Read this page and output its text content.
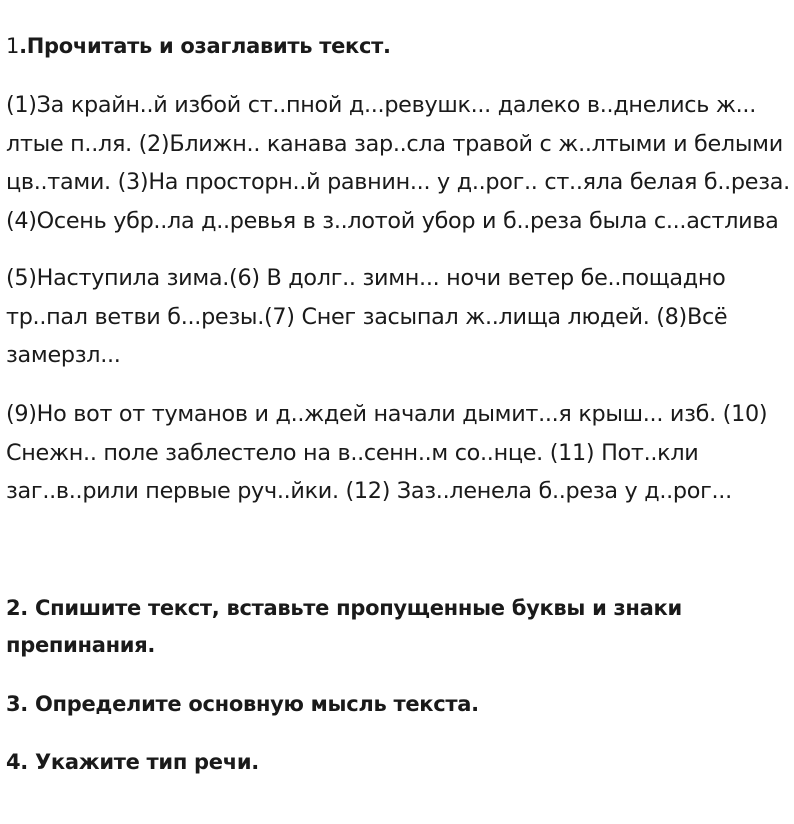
1.Прочитать и озаглавить текст.
(1)За крайн..й избой ст..пной д...ревушк... далеко в..днелись ж...
лтые п..ля. (2)Ближн.. канава зар..сла травой с ж..лтыми и белыми
цв..тами. (3)На просторн..й равнин... у д..рог.. ст..яла белая б..реза.
(4)Осень убр..ла д..ревья в з..лотой убор и б..реза была с...астлива
(5)Наступила зима.(6) В долг.. зимн... ночи ветер бе..пощадно
тр..пал ветви б...резы.(7) Снег засыпал ж..лища людей. (8)Всё
замерзл...
(9)Но вот от туманов и д..ждей начали дымит...я крыш... изб. (10)
Снежн.. поле заблестело на в..сенн..м со..нце. (11) Пот..кли
заг..в..рили первые руч..йки. (12) Заз..ленела б..реза у д..рог...
2. Спишите текст, вставьте пропущенные буквы и знаки
препинания.
3. Определите основную мысль текста.
4. Укажите тип речи.
